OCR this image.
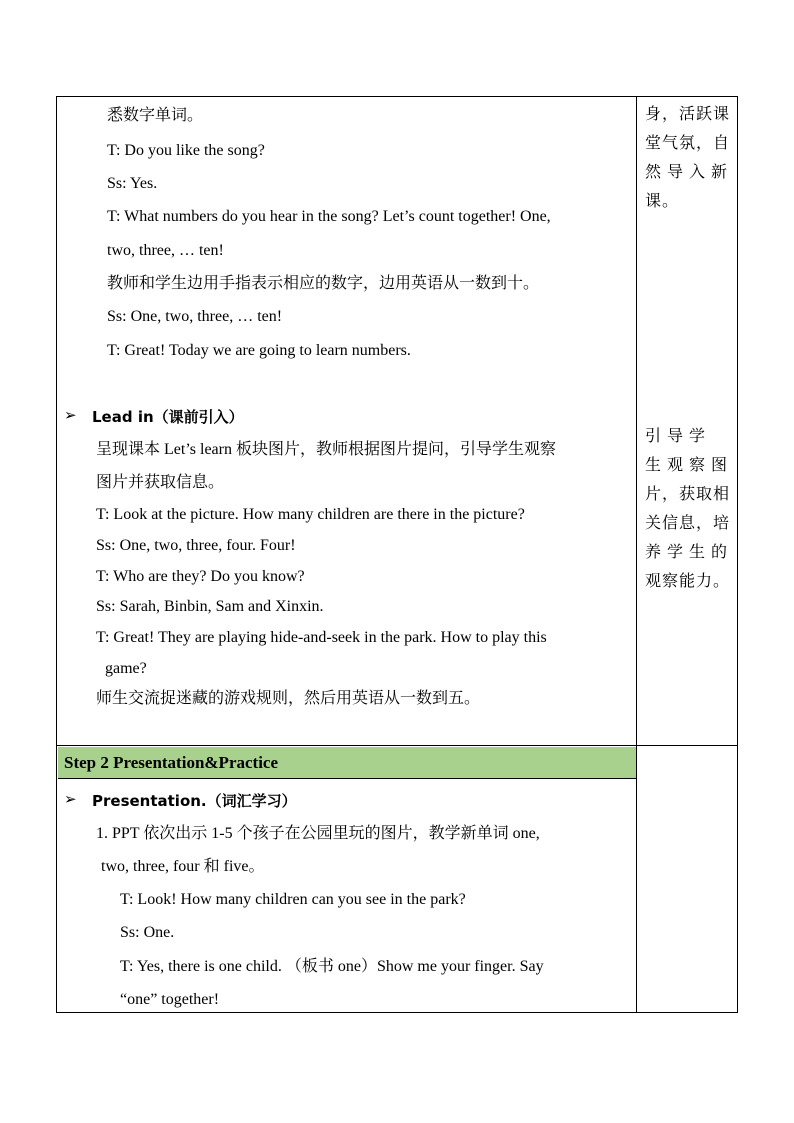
悉数字单词。
T: Do you like the song?
Ss: Yes.
T: What numbers do you hear in the song? Let’s count together! One,
two, three, … ten!
教师和学生边用手指表示相应的数字，边用英语从一数到十。
Ss: One, two, three, … ten!
T: Great! Today we are going to learn numbers.
身，活跃课
堂气氛，自
然 导 入 新
课。
➢ Lead in（课前引入）
呈现课本 Let’s learn 板块图片，教师根据图片提问，引导学生观察
图片并获取信息。
T: Look at the picture. How many children are there in the picture?
Ss: One, two, three, four. Four!
T: Who are they? Do you know?
Ss: Sarah, Binbin, Sam and Xinxin.
T: Great! They are playing hide-and-seek in the park. How to play this
game?
师生交流捉迷藏的游戏规则，然后用英语从一数到五。
引 导 学
生 观 察 图
片，获取相
关信息，培
养 学 生 的
观察能力。
Step 2 Presentation&Practice
➢ Presentation.（词汇学习）
1. PPT 依次出示 1-5 个孩子在公园里玩的图片，教学新单词 one,
two, three, four 和 five。
T: Look! How many children can you see in the park?
Ss: One.
T: Yes, there is one child. （板书 one）Show me your finger. Say
“one” together!
